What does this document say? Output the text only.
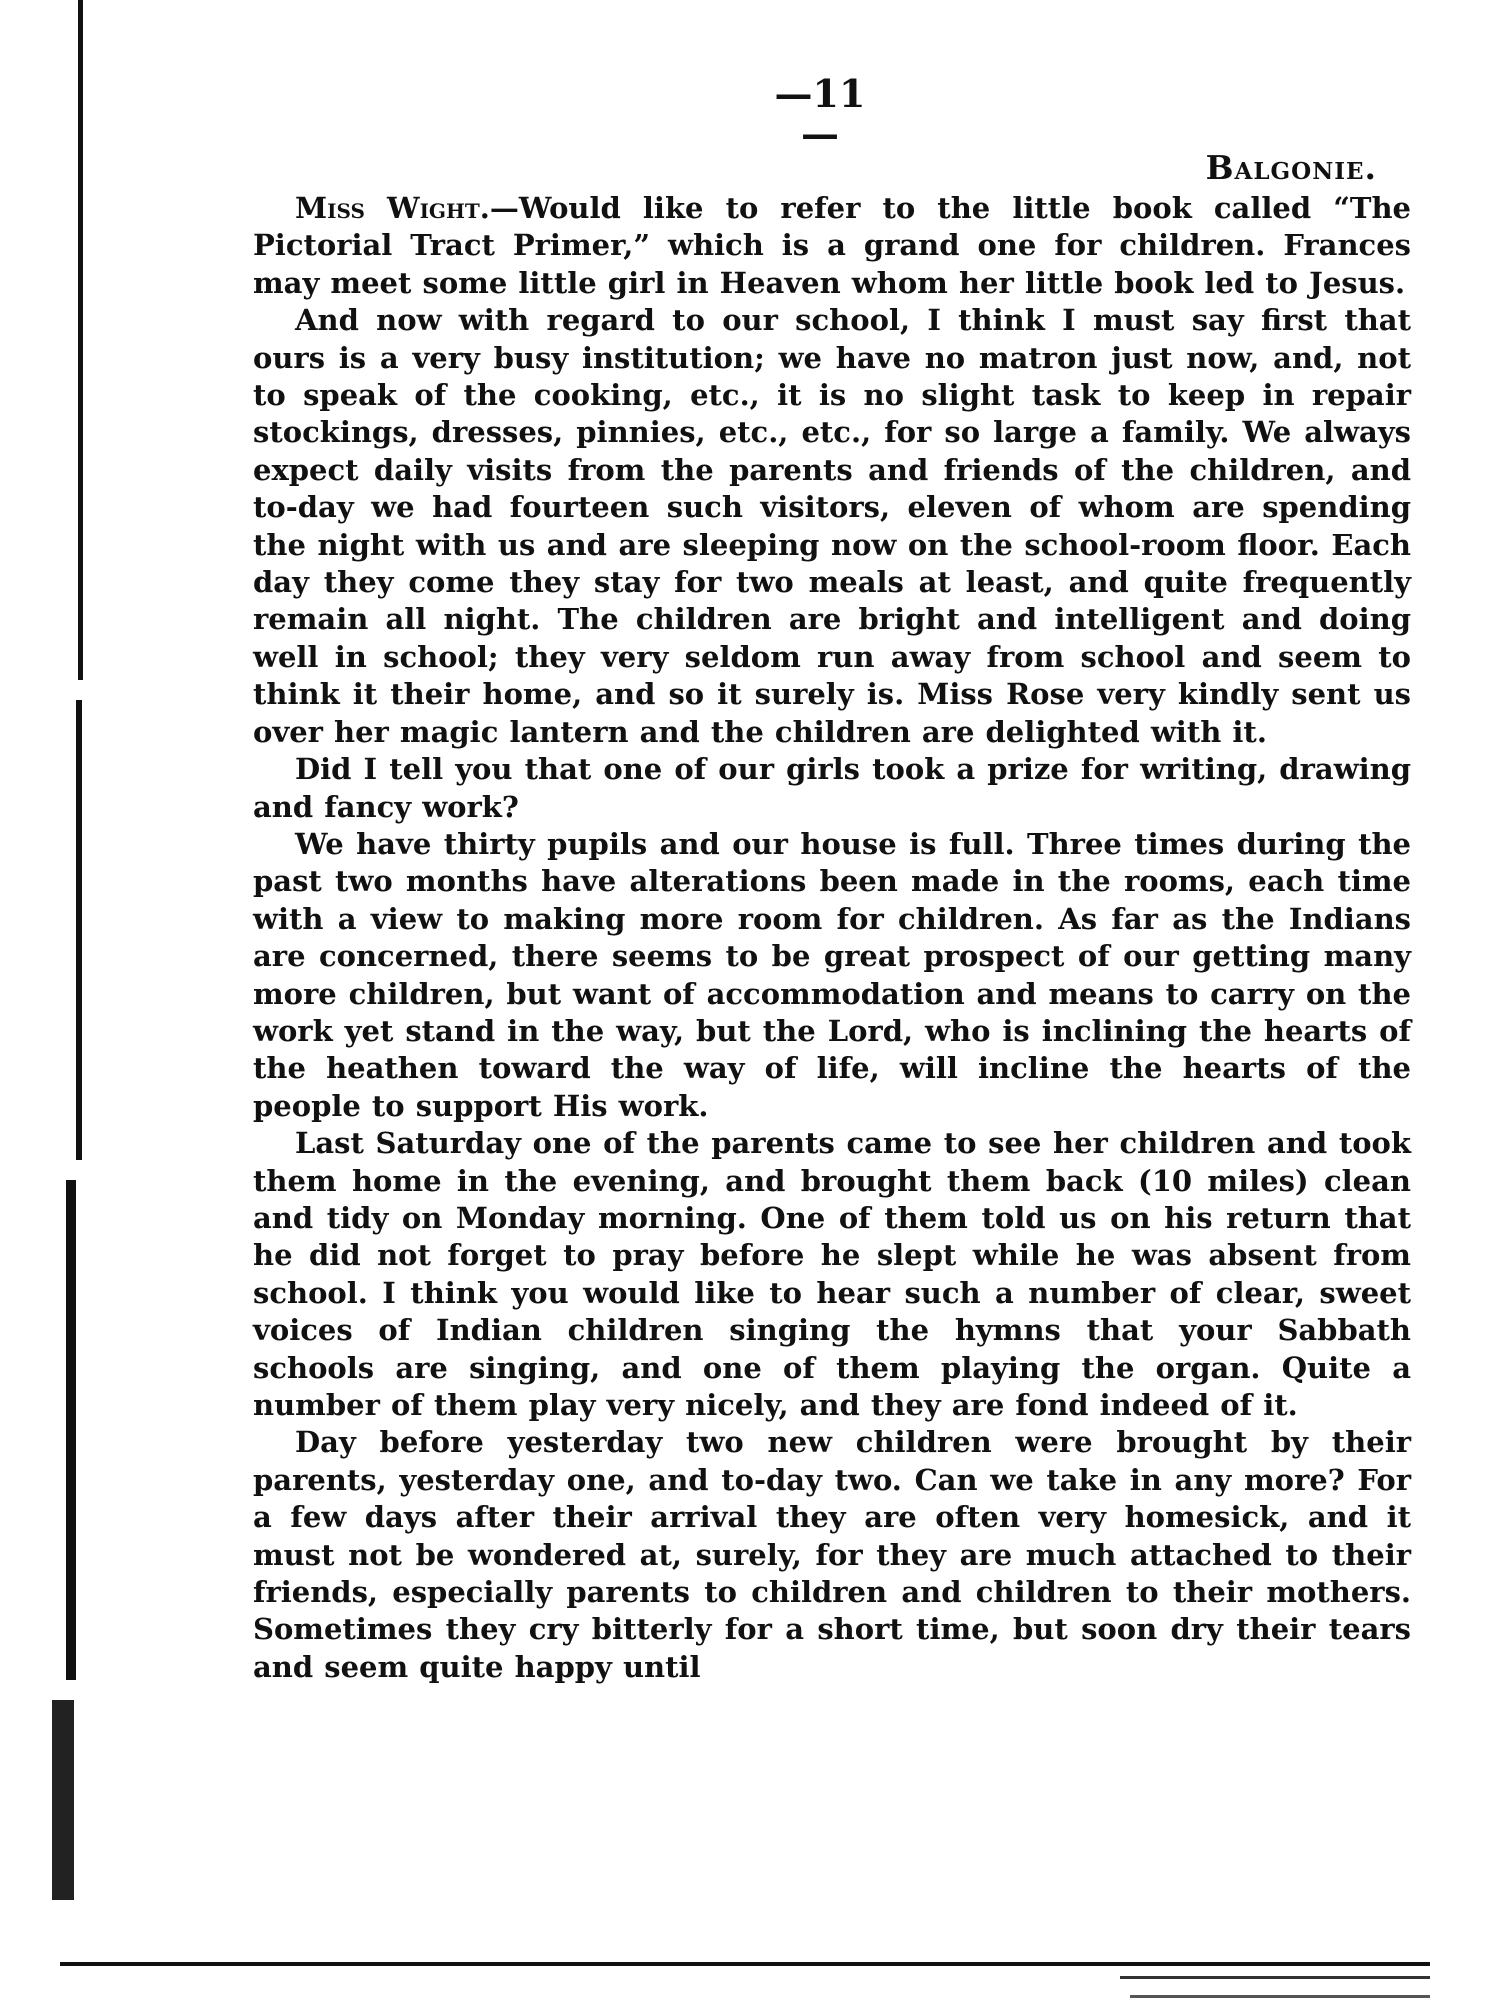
—11—
Balgonie.

Miss Wight.—Would like to refer to the little book called “The Pictorial Tract Primer,” which is a grand one for children. Frances may meet some little girl in Heaven whom her little book led to Jesus.

And now with regard to our school, I think I must say first that ours is a very busy institution; we have no matron just now, and, not to speak of the cooking, etc., it is no slight task to keep in repair stockings, dresses, pinnies, etc., etc., for so large a family. We always expect daily visits from the parents and friends of the children, and to-day we had fourteen such visitors, eleven of whom are spending the night with us and are sleeping now on the school-room floor. Each day they come they stay for two meals at least, and quite frequently remain all night. The children are bright and intelligent and doing well in school; they very seldom run away from school and seem to think it their home, and so it surely is. Miss Rose very kindly sent us over her magic lantern and the children are delighted with it.

Did I tell you that one of our girls took a prize for writing, drawing and fancy work?

We have thirty pupils and our house is full. Three times during the past two months have alterations been made in the rooms, each time with a view to making more room for children. As far as the Indians are concerned, there seems to be great prospect of our getting many more children, but want of accommodation and means to carry on the work yet stand in the way, but the Lord, who is inclining the hearts of the heathen toward the way of life, will incline the hearts of the people to support His work.

Last Saturday one of the parents came to see her children and took them home in the evening, and brought them back (10 miles) clean and tidy on Monday morning. One of them told us on his return that he did not forget to pray before he slept while he was absent from school. I think you would like to hear such a number of clear, sweet voices of Indian children singing the hymns that your Sabbath schools are singing, and one of them playing the organ. Quite a number of them play very nicely, and they are fond indeed of it.

Day before yesterday two new children were brought by their parents, yesterday one, and to-day two. Can we take in any more? For a few days after their arrival they are often very homesick, and it must not be wondered at, surely, for they are much attached to their friends, especially parents to children and children to their mothers. Sometimes they cry bitterly for a short time, but soon dry their tears and seem quite happy until
